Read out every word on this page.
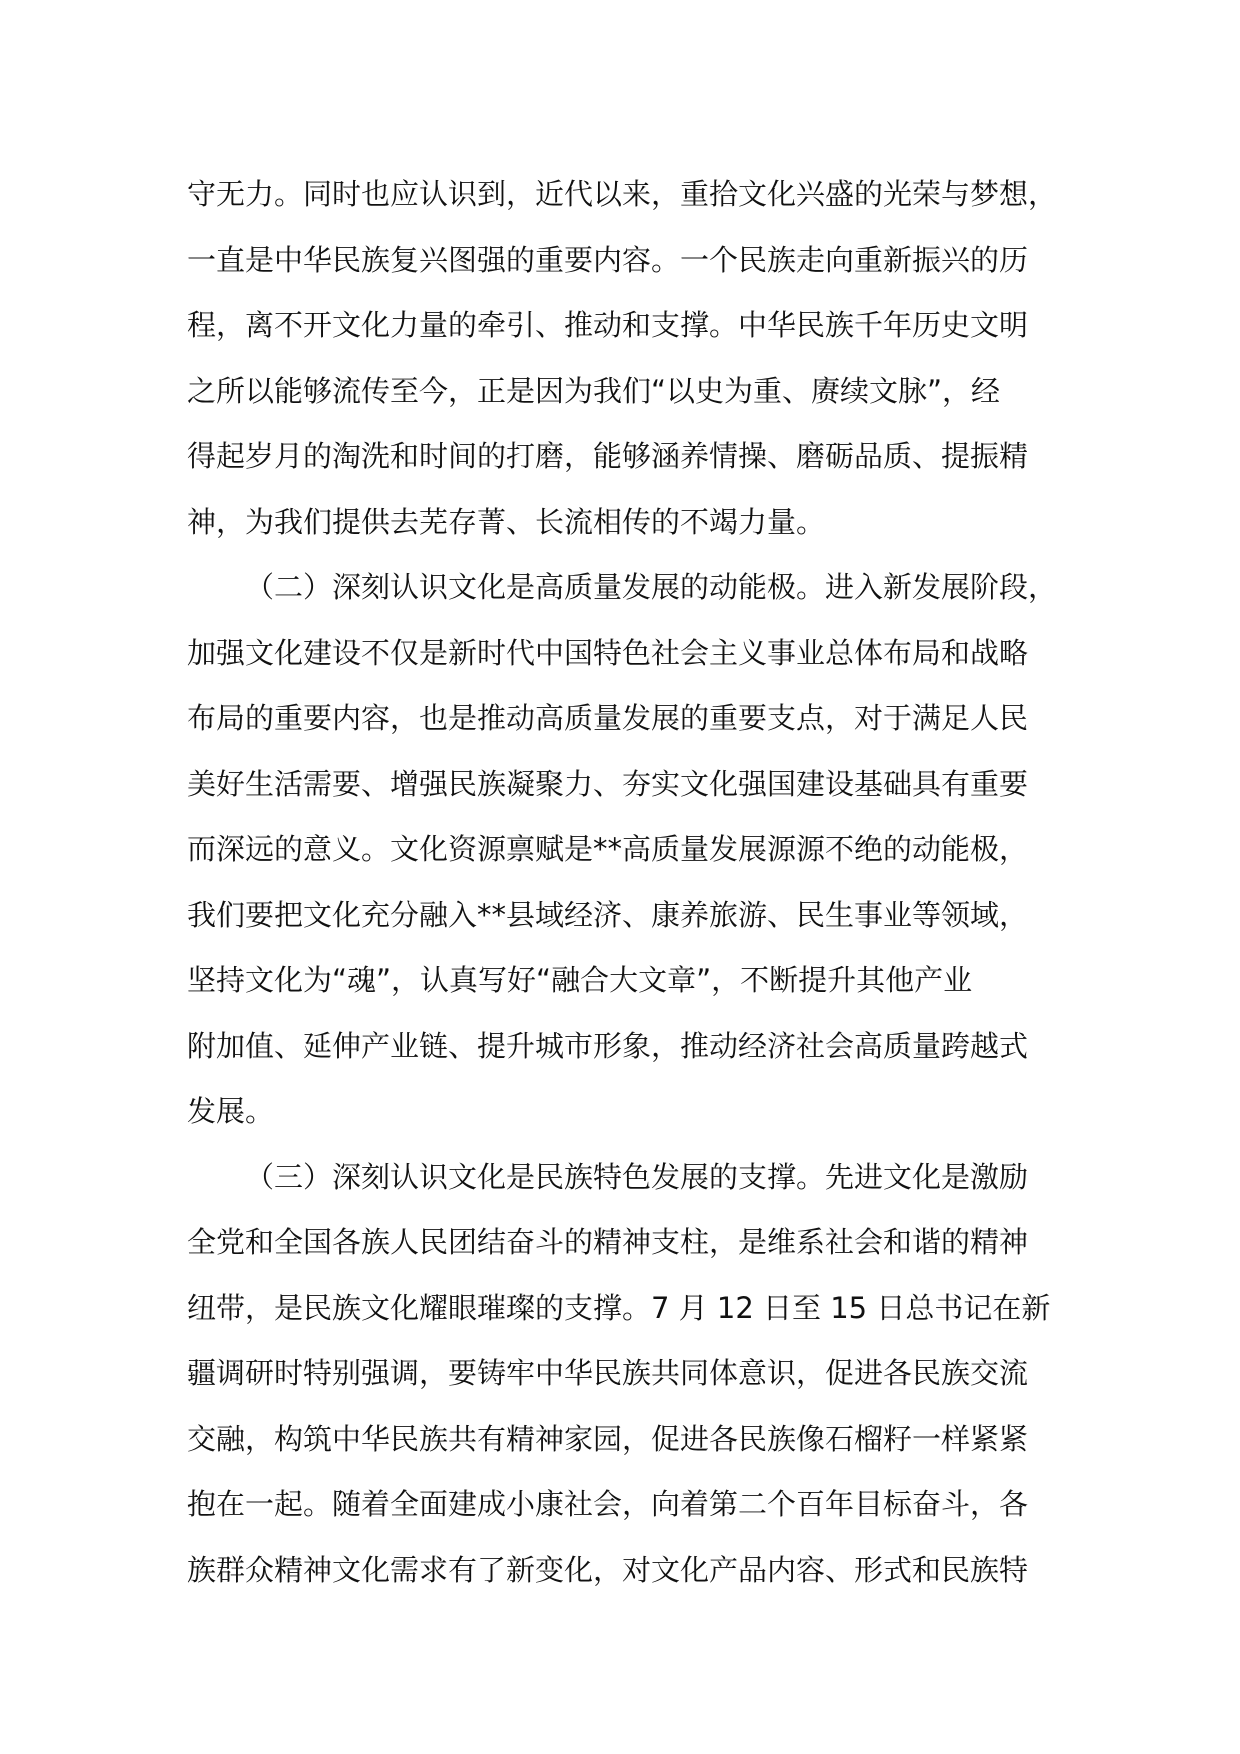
守无力。同时也应认识到，近代以来，重拾文化兴盛的光荣与梦想，
一直是中华民族复兴图强的重要内容。一个民族走向重新振兴的历
程，离不开文化力量的牵引、推动和支撑。中华民族千年历史文明
之所以能够流传至今，正是因为我们“以史为重、赓续文脉”，经
得起岁月的淘洗和时间的打磨，能够涵养情操、磨砺品质、提振精
神，为我们提供去芜存菁、长流相传的不竭力量。
（二）深刻认识文化是高质量发展的动能极。进入新发展阶段，
加强文化建设不仅是新时代中国特色社会主义事业总体布局和战略
布局的重要内容，也是推动高质量发展的重要支点，对于满足人民
美好生活需要、增强民族凝聚力、夯实文化强国建设基础具有重要
而深远的意义。文化资源禀赋是**高质量发展源源不绝的动能极，
我们要把文化充分融入**县域经济、康养旅游、民生事业等领域，
坚持文化为“魂”，认真写好“融合大文章”，不断提升其他产业
附加值、延伸产业链、提升城市形象，推动经济社会高质量跨越式
发展。
（三）深刻认识文化是民族特色发展的支撑。先进文化是激励
全党和全国各族人民团结奋斗的精神支柱，是维系社会和谐的精神
纽带，是民族文化耀眼璀璨的支撑。7 月 12 日至 15 日总书记在新
疆调研时特别强调，要铸牢中华民族共同体意识，促进各民族交流
交融，构筑中华民族共有精神家园，促进各民族像石榴籽一样紧紧
抱在一起。随着全面建成小康社会，向着第二个百年目标奋斗，各
族群众精神文化需求有了新变化，对文化产品内容、形式和民族特
